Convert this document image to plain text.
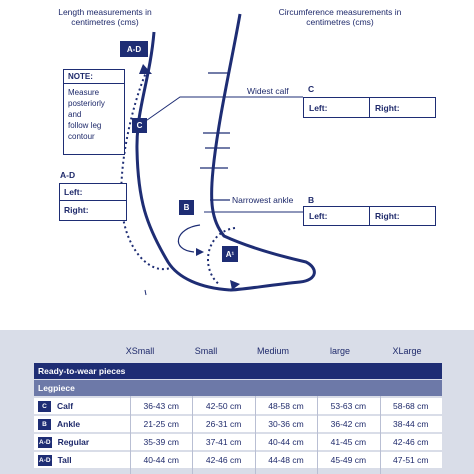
Length measurements in centimetres (cms)
Circumference measurements in centimetres (cms)
A-D
C
B
A¹
NOTE:
Measure
posteriorly
and
follow leg
contour
A-D
Left:
Right:
Widest calf C
Left:	Right:
Narrowest ankle B
Left:	Right:
XSmall	Small	Medium	large	XLarge
Ready-to-wear pieces
Legpiece
C	Calf	36-43 cm	42-50 cm	48-58 cm	53-63 cm	58-68 cm
B	Ankle	21-25 cm	26-31 cm	30-36 cm	36-42 cm	38-44 cm
A-D Regular	35-39 cm	37-41 cm	40-44 cm	41-45 cm	42-46 cm
A-D Tall	40-44 cm	42-46 cm	44-48 cm	45-49 cm	47-51 cm
